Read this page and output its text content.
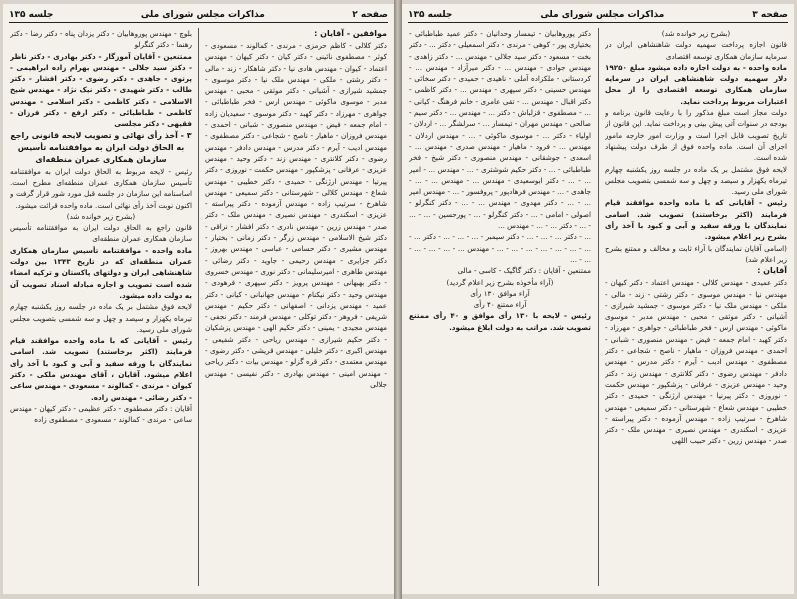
صفحه ۲
مذاکرات مجلس شورای ملی
جلسه ۱۳۵

موافقین - آقایان :

دکتر کلالی - کاظم حرمزی - مرندی - کمالوند - مسعودی - کوثر - مصطفوی نائینی - دکتر کیان - دکتر کیهان - مهندس اعتماد - کیوان - مهندس هادی نیا - دکتر شاهکار - زند - مالی - دکتر رشتی - ملکی - مهندس ملک نیا - دکتر موسوی - جمشید شیرازی - آشیانی - دکتر موثقی - محبی - مهندس مدبر - موسوی ماکوئی - مهندس ارس - فخر طباطبائی - جواهری - مهرزاد - دکتر کهبد - دکتر موسوی - سعیدیان زاده - امام جمعه - فیض - مهندس منصوری - شبانی - احمدی - مهندس فروزان - ماهیار - ناصح - شجاعی - دکتر مصطفوی - مهندس ادیب - آیرم - دکتر مدرس - مهندس دادفر - مهندس رضوی - دکتر کلانتری - مهندس زند - دکتر وحید - مهندس عزیزی - عرفانی - پزشکپور - مهندس حکمت - نوروزی - دکتر پیرنیا - مهندس ارژنگی - حمیدی - دکتر خطیبی - مهندس شعاع - مهندس کلالی - شهرستانی - دکتر سمیعی - مهندس شاهرخ - سرتیپ زاده - مهندس آزموده - دکتر پیراسته - عزیزی - اسکندری - مهندس نصیری - مهندس ملک - دکتر صدر - مهندس زرین - مهندس نادری - دکتر افشار - نراقی - دکتر شیخ الاسلامی - مهندس زرگر - دکتر زمانی - بختیار - مهندس مشیری - دکتر حسامی - عباسی - مهندس بهروز - دکتر جزایری - مهندس رحیمی - جاوید - دکتر رضائی - مهندس طاهری - امیرسلیمانی - دکتر نوری - مهندس خسروی - دکتر بهبهانی - مهندس پرویز - دکتر سپهری - فرهودی - مهندس وحید - دکتر نیکنام - مهندس جهانبانی - کیانی - دکتر عمید - مهندس یزدانی - اصفهانی - دکتر حکیم - مهندس شریفی - فروهر - دکتر توکلی - مهندس فرمند - دکتر نجفی - مهندس مجیدی - یمینی - دکتر حکیم الهی - مهندس پزشکیان - دکتر حکیم شیرازی - مهندس ریاحی - دکتر شفیعی - مهندس اکبری - دکتر خلیلی - مهندس قریشی - دکتر رضوی - مهندس معتمدی - دکتر قره گزلو - مهندس بیات - دکتر ریاحی - مهندس امینی - مهندس بهادری - دکتر نفیسی - مهندس جلالی

بلوچ - مهندس پوروهابیان - دکتر یزدان پناه - دکتر رضا - دکتر رهنما - دکتر کنگرلو

ممتنعین - آقایان آموزگار - دکتر بهادری - دکتر ناظر - دکتر سید جلالی - مهندس بهرام زاده ابراهیمی - پرتوی - جاهدی - دکتر رضوی - دکتر افشار - دکتر طالب - دکتر شهیدی - دکتر نیک نژاد - مهندس شیخ الاسلامی - دکتر کاظمی - دکتر اسلامی - مهندس کاظمی - طباطبائی - دکتر ارفع - دکتر فرزان - فقیهی - دکتر مجلسی

۳ - آخذ رأی نهائی و تصویب لایحه قانونی راجع به الحاق دولت ایران به موافقتنامه تأسیس سازمان همکاری عمران منطقه‌ای

رئیس - لایحه مربوط به الحاق دولت ایران به موافقتنامه تأسیس سازمان همکاری عمران منطقه‌ای مطرح است. اساسنامه این سازمان در جلسه قبل مورد شور قرار گرفت و اکنون نوبت آخذ رأی نهائی است. ماده واحده قرائت میشود.

(بشرح زیر خوانده شد)

قانون راجع به الحاق دولت ایران به موافقتنامه تأسیس سازمان همکاری عمران منطقه‌ای

ماده واحده - موافقتنامه تأسیس سازمان همکاری عمران منطقه‌ای که در تاریخ ۱۳۴۳ بین دولت شاهنشاهی ایران و دولتهای پاکستان و ترکیه امضاء شده است تصویب و اجازه مبادله اسناد تصویب آن به دولت داده میشود.

لایحه فوق مشتمل بر یک ماده در جلسه روز یکشنبه چهارم تیرماه یکهزار و سیصد و چهل و سه شمسی بتصویب مجلس شورای ملی رسید.

رئیس - آقایانی که با ماده واحده موافقند قیام فرمایند (اکثر برخاستند) تصویب شد. اسامی نمایندگان با ورقه سفید و آبی و کبود با آخذ رأی اعلام میشود. آقایان ، آقای مهندس ملکی - دکتر کیوان - مرندی - کمالوند - مسعودی - مهندس ساعی - دکتر رضائی - مهندس زاده.

آقایان : دکتر مصطفوی - دکتر عظیمی - دکتر کیهان - مهندس ساعی - مرندی - کمالوند - مسعودی - مصطفوی زاده

صفحه ۳
مذاکرات مجلس شورای ملی
جلسه ۱۳۵

(بشرح زیر خوانده شد)

قانون اجازه پرداخت سهمیه دولت شاهنشاهی ایران در سرمایه سازمان همکاری توسعه اقتصادی

ماده واحده - به دولت اجازه داده میشود مبلغ ۱۹۲۵۰ دلار سهمیه دولت شاهنشاهی ایران در سرمایه سازمان همکاری توسعه اقتصادی را از محل اعتبارات مربوط پرداخت نماید.

دولت مجاز است مبلغ مذکور را با رعایت قانون برنامه و بودجه در سنوات آتی پیش بینی و پرداخت نماید. این قانون از تاریخ تصویب قابل اجرا است و وزارت امور خارجه مامور اجرای آن است. ماده واحده فوق از طرف دولت پیشنهاد شده است.

لایحه فوق مشتمل بر یک ماده در جلسه روز یکشنبه چهارم تیرماه یکهزار و سیصد و چهل و سه شمسی بتصویب مجلس شورای ملی رسید.

رئیس - آقایانی که با ماده واحده موافقند قیام فرمایند (اکثر برخاستند) تصویب شد. اسامی نمایندگان با ورقه سفید و آبی و کبود با آخذ رأی بشرح زیر اعلام میشود.

(اسامی آقایان نمایندگان با آراء ثابت و مخالف و ممتنع بشرح زیر اعلام شد)

آقایان :

دکتر عمیدی - مهندس کلالی - مهندس اعتماد - دکتر کیهان - مهندس نیا - مهندس موسوی - دکتر رشتی - زند - مالی - ملکی - مهندس ملک نیا - دکتر موسوی - جمشید شیرازی - آشیانی - دکتر موثقی - محبی - مهندس مدبر - موسوی ماکوئی - مهندس ارس - فخر طباطبائی - جواهری - مهرزاد - دکتر کهبد - امام جمعه - فیض - مهندس منصوری - شبانی - احمدی - مهندس فروزان - ماهیار - ناصح - شجاعی - دکتر مصطفوی - مهندس ادیب - آیرم - دکتر مدرس - مهندس دادفر - مهندس رضوی - دکتر کلانتری - مهندس زند - دکتر وحید - مهندس عزیزی - عرفانی - پزشکپور - مهندس حکمت - نوروزی - دکتر پیرنیا - مهندس ارژنگی - حمیدی - دکتر خطیبی - مهندس شعاع - شهرستانی - دکتر سمیعی - مهندس شاهرخ - سرتیپ زاده - مهندس آزموده - دکتر پیراسته - عزیزی - اسکندری - مهندس نصیری - مهندس ملک - دکتر صدر - مهندس زرین - دکتر حبیب اللهی

دکتر پوروهابیان - تیمسار وحدانیان - دکتر عمید طباطبائی - بختیاری پور - کوهی - مرندی - دکتر اسمعیلی - دکتر ... - دکتر بخت - مسعود - دکتر سید جلالی - مهندس ... - دکتر زاهدی - مهندس جوادی - مهندس ... - دکتر میرآزاد - مهندس ... - کردستانی - ملکزاده آملی - ناهیدی - حمیدی - دکتر سخائی - مهندس حسینی - دکتر سپهری - مهندس ... - دکتر کاظمی - دکتر اقبال - مهندس ... - تقی عامری - خانم فرهنگ - کیانی - ... - مصطفوی - قزلباش - دکتر ... - مهندس ... - دکتر سیم - صالحی - مهندس مهران - تیمسار ... - سرلشگر ... - اردلان - اولیاء - دکتر ... - موسوی ماکوئی - ... - مهندس اردلان - مهندس ... - فرود - ماهیار - مهندس صدری - مهندس ... - اسعدی - جوشقانی - مهندس منصوری - دکتر شیخ - فخر طباطبائی - ... - دکتر حکیم شوشتری - ... - مهندس ... - امیر ... - ... - دکتر ابوسعیدی - مهندس ... - مهندس ... - ... - جاهدی - ... - مهندس فرهادپور - پروفسور - ... - مهندس امیر ... - ... - دکتر مهدوی - مهندس ... - ... - دکتر کنگرلو - اصولی - امامی - ... - دکتر کنگرلو - ... - پورحسین - ... - ... - ... - دکتر ... - ... - مهندس ...

... - دکتر ... - ... - ... - دکتر سیمبر - ... - ... - ... - دکتر ... - ... - ... - ... - ... - ... - ... - ... - مهندس ... - ... - ... - ... - ... - ...

ممتنعین - آقایان : دکتر گاگیک - کاسی - مالی

(آراء مأخوذه بشرح زیر اعلام گردید)

آراء موافق ۱۳۰ رأی

آراء ممتنع ۴۰ رأی

رئیس - لایحه با ۱۳۰ رأی موافق و ۴۰ رأی ممتنع تصویب شد. مراتب به دولت ابلاغ میشود.
